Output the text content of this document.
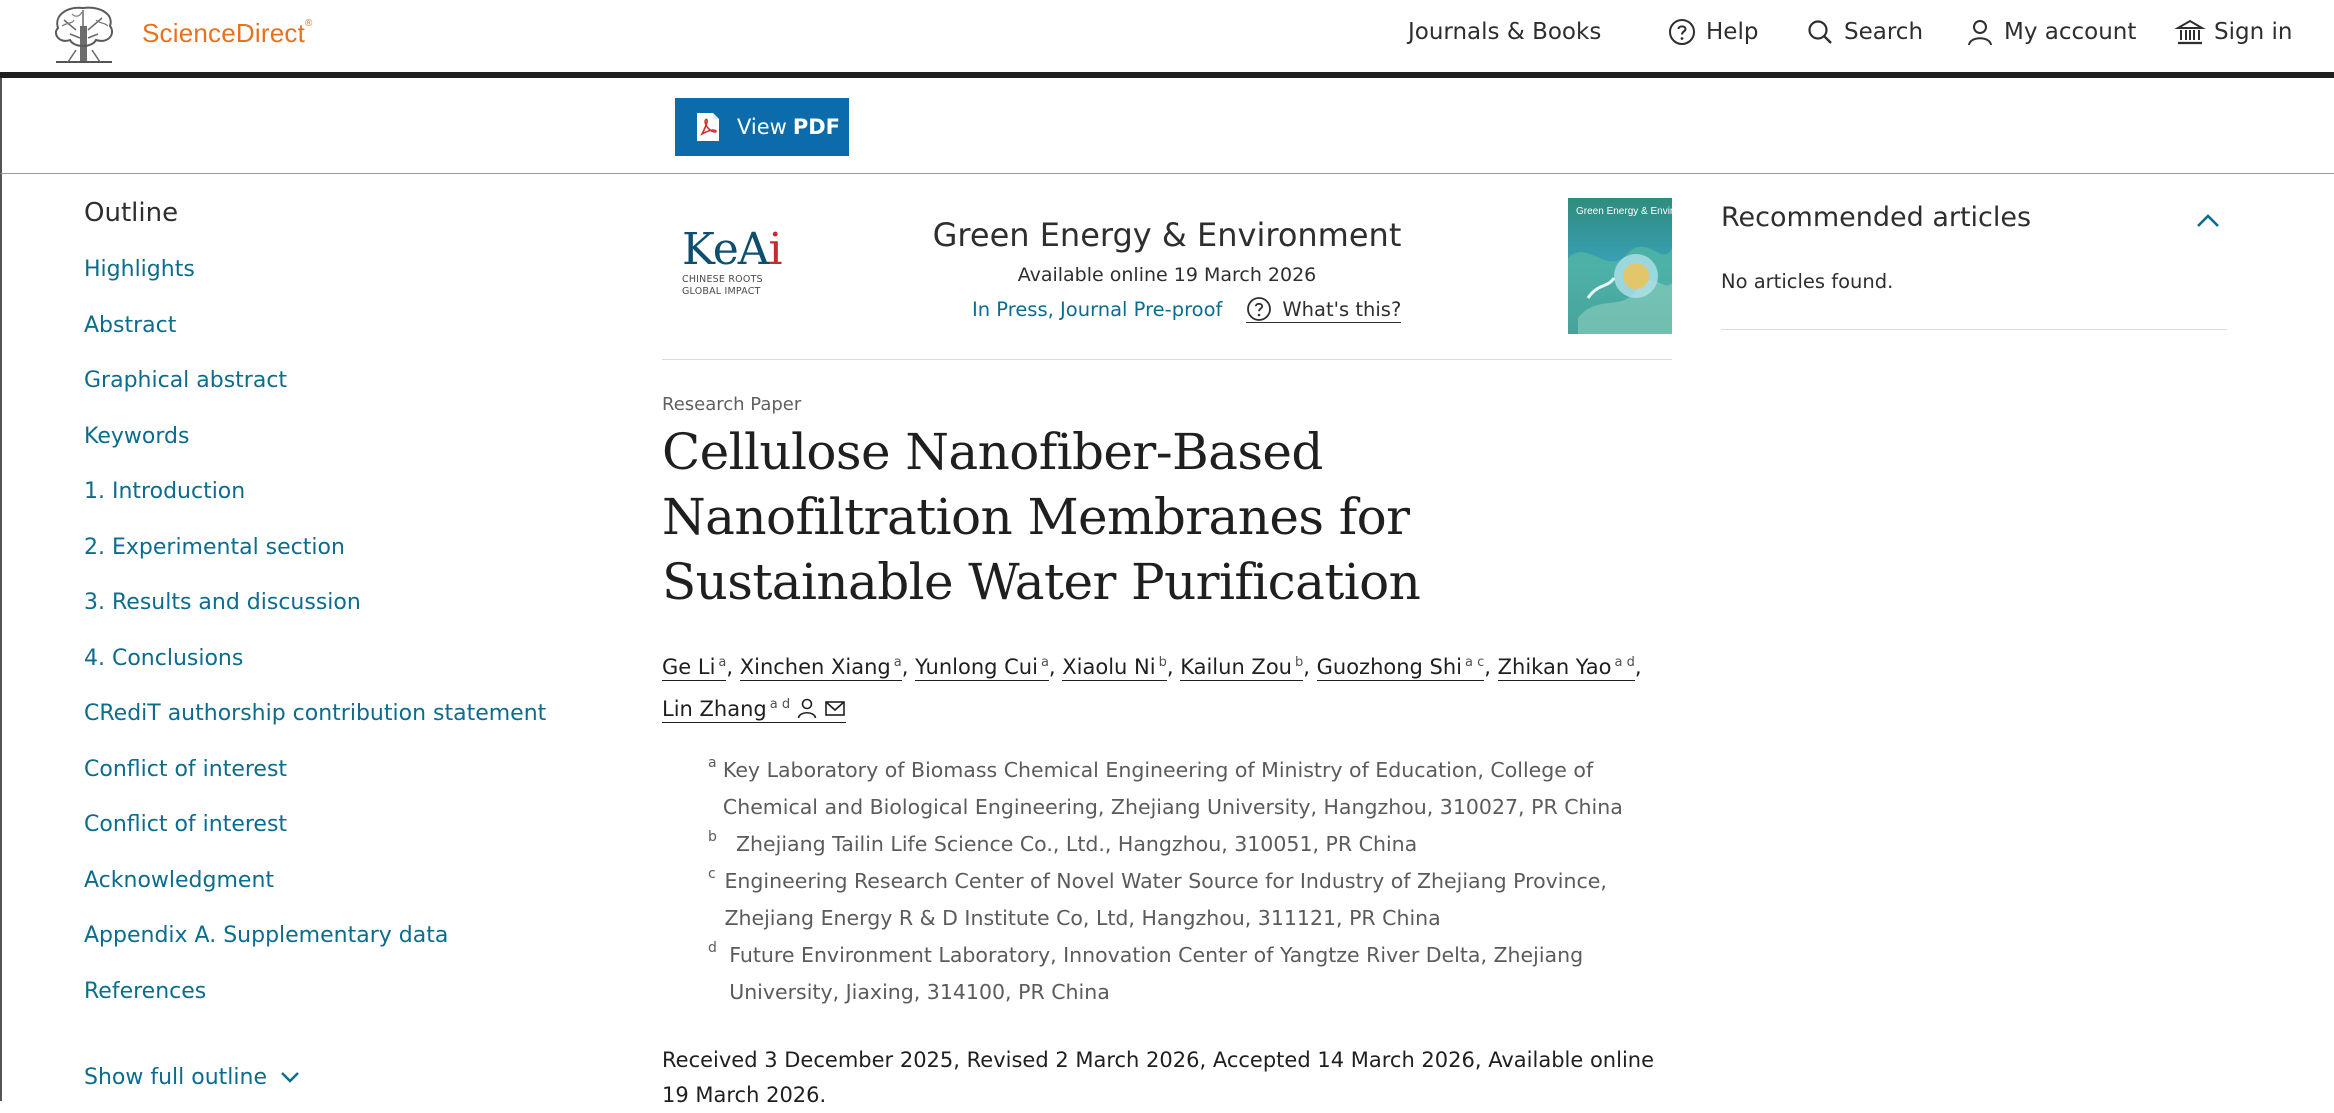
ScienceDirect®	Journals & Books	Help	Search	My account	Sign in
View PDF
Outline
Highlights
Abstract
Graphical abstract
Keywords
1. Introduction
2. Experimental section
3. Results and discussion
4. Conclusions
CRediT authorship contribution statement
Conflict of interest
Conflict of interest
Acknowledgment
Appendix A. Supplementary data
References
Show full outline
KeAi
CHINESE ROOTS
GLOBAL IMPACT
Green Energy & Environment
Available online 19 March 2026
In Press, Journal Pre-proof	What's this?
Green Energy & Environment
Research Paper
Cellulose Nanofiber-Based Nanofiltration Membranes for Sustainable Water Purification
Ge Li $^a$, Xinchen Xiang $^a$, Yunlong Cui $^a$, Xiaolu Ni $^b$, Kailun Zou $^b$, Guozhong Shi $^{a c}$, Zhikan Yao $^{a d}$,
Lin Zhang $^{a d}$
a Key Laboratory of Biomass Chemical Engineering of Ministry of Education, College of Chemical and Biological Engineering, Zhejiang University, Hangzhou, 310027, PR China
b Zhejiang Tailin Life Science Co., Ltd., Hangzhou, 310051, PR China
c Engineering Research Center of Novel Water Source for Industry of Zhejiang Province, Zhejiang Energy R & D Institute Co, Ltd, Hangzhou, 311121, PR China
d Future Environment Laboratory, Innovation Center of Yangtze River Delta, Zhejiang University, Jiaxing, 314100, PR China
Received 3 December 2025, Revised 2 March 2026, Accepted 14 March 2026, Available online 19 March 2026.
Recommended articles
No articles found.
